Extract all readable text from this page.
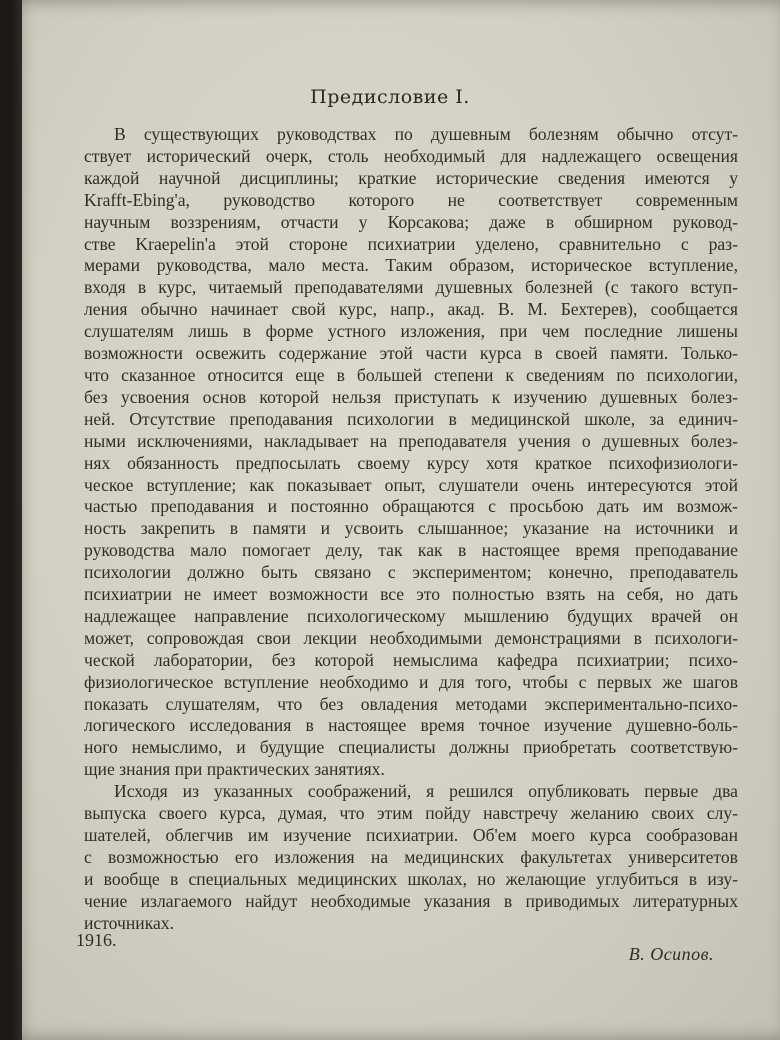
Предисловие I.
В существующих руководствах по душевным болезням обычно отсут-
ствует исторический очерк, столь необходимый для надлежащего освещения
каждой научной дисциплины; краткие исторические сведения имеются у
Krafft-Ebing'a, руководство которого не соответствует современным
научным воззрениям, отчасти у Корсакова; даже в обширном руковод-
стве Kraepelin'a этой стороне психиатрии уделено, сравнительно с раз-
мерами руководства, мало места. Таким образом, историческое вступление,
входя в курс, читаемый преподавателями душевных болезней (с такого вступ-
ления обычно начинает свой курс, напр., акад. В. М. Бехтерев), сообщается
слушателям лишь в форме устного изложения, при чем последние лишены
возможности освежить содержание этой части курса в своей памяти. Только-
что сказанное относится еще в большей степени к сведениям по психологии,
без усвоения основ которой нельзя приступать к изучению душевных болез-
ней. Отсутствие преподавания психологии в медицинской школе, за единич-
ными исключениями, накладывает на преподавателя учения о душевных болез-
нях обязанность предпосылать своему курсу хотя краткое психофизиологи-
ческое вступление; как показывает опыт, слушатели очень интересуются этой
частью преподавания и постоянно обращаются с просьбою дать им возмож-
ность закрепить в памяти и усвоить слышанное; указание на источники и
руководства мало помогает делу, так как в настоящее время преподавание
психологии должно быть связано с экспериментом; конечно, преподаватель
психиатрии не имеет возможности все это полностью взять на себя, но дать
надлежащее направление психологическому мышлению будущих врачей он
может, сопровождая свои лекции необходимыми демонстрациями в психологи-
ческой лаборатории, без которой немыслима кафедра психиатрии; психо-
физиологическое вступление необходимо и для того, чтобы с первых же шагов
показать слушателям, что без овладения методами экспериментально-психо-
логического исследования в настоящее время точное изучение душевно-боль-
ного немыслимо, и будущие специалисты должны приобретать соответствую-
щие знания при практических занятиях.
Исходя из указанных соображений, я решился опубликовать первые два
выпуска своего курса, думая, что этим пойду навстречу желанию своих слу-
шателей, облегчив им изучение психиатрии. Об'ем моего курса сообразован
с возможностью его изложения на медицинских факультетах университетов
и вообще в специальных медицинских школах, но желающие углубиться в изу-
чение излагаемого найдут необходимые указания в приводимых литературных
источниках.
1916.
В. Осипов.
